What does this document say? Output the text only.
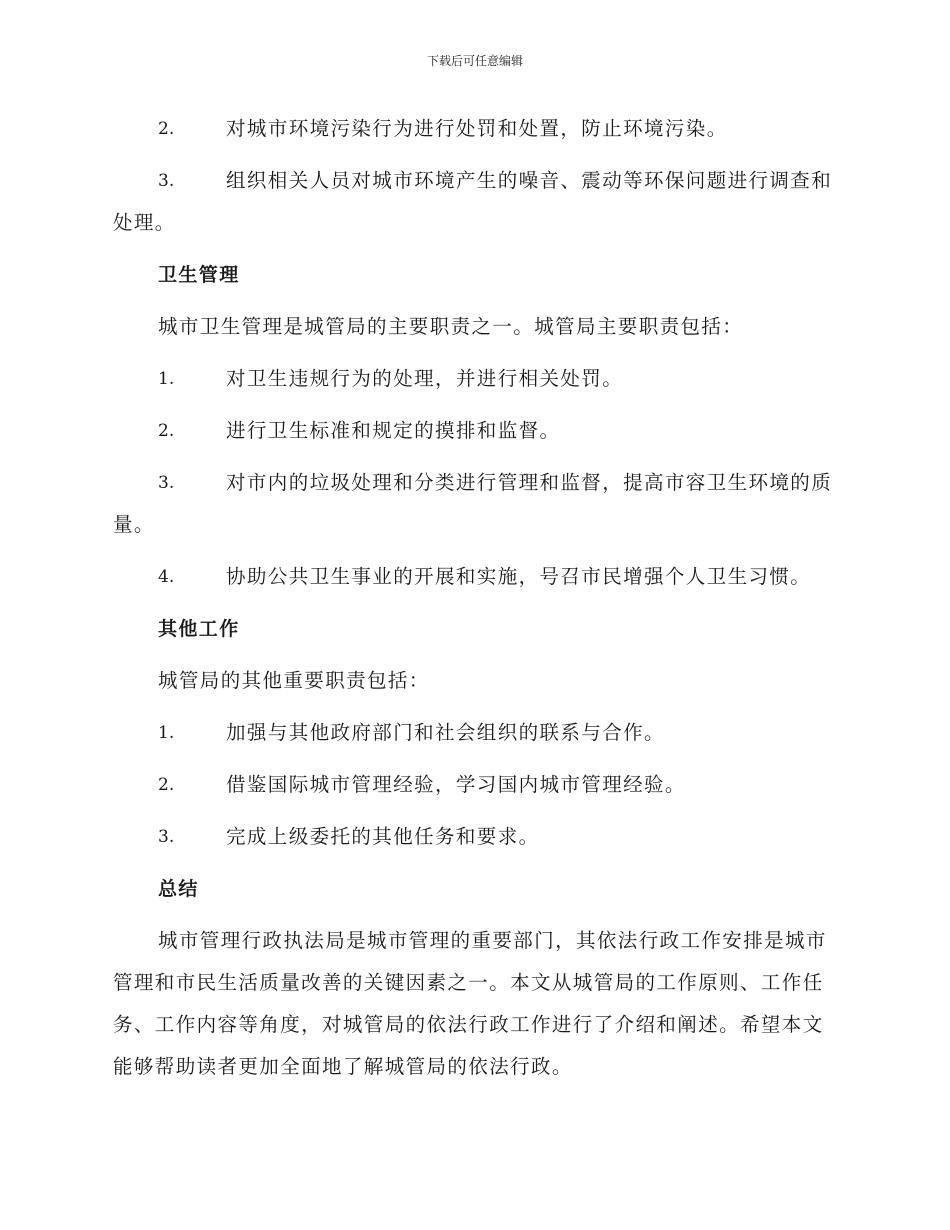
下载后可任意编辑
2.	对城市环境污染行为进行处罚和处置，防止环境污染。
3.	组织相关人员对城市环境产生的噪音、震动等环保问题进行调查和处理。
卫生管理
城市卫生管理是城管局的主要职责之一。城管局主要职责包括：
1.	对卫生违规行为的处理，并进行相关处罚。
2.	进行卫生标准和规定的摸排和监督。
3.	对市内的垃圾处理和分类进行管理和监督，提高市容卫生环境的质量。
4.	协助公共卫生事业的开展和实施，号召市民增强个人卫生习惯。
其他工作
城管局的其他重要职责包括：
1.	加强与其他政府部门和社会组织的联系与合作。
2.	借鉴国际城市管理经验，学习国内城市管理经验。
3.	完成上级委托的其他任务和要求。
总结
城市管理行政执法局是城市管理的重要部门，其依法行政工作安排是城市管理和市民生活质量改善的关键因素之一。本文从城管局的工作原则、工作任务、工作内容等角度，对城管局的依法行政工作进行了介绍和阐述。希望本文能够帮助读者更加全面地了解城管局的依法行政。
